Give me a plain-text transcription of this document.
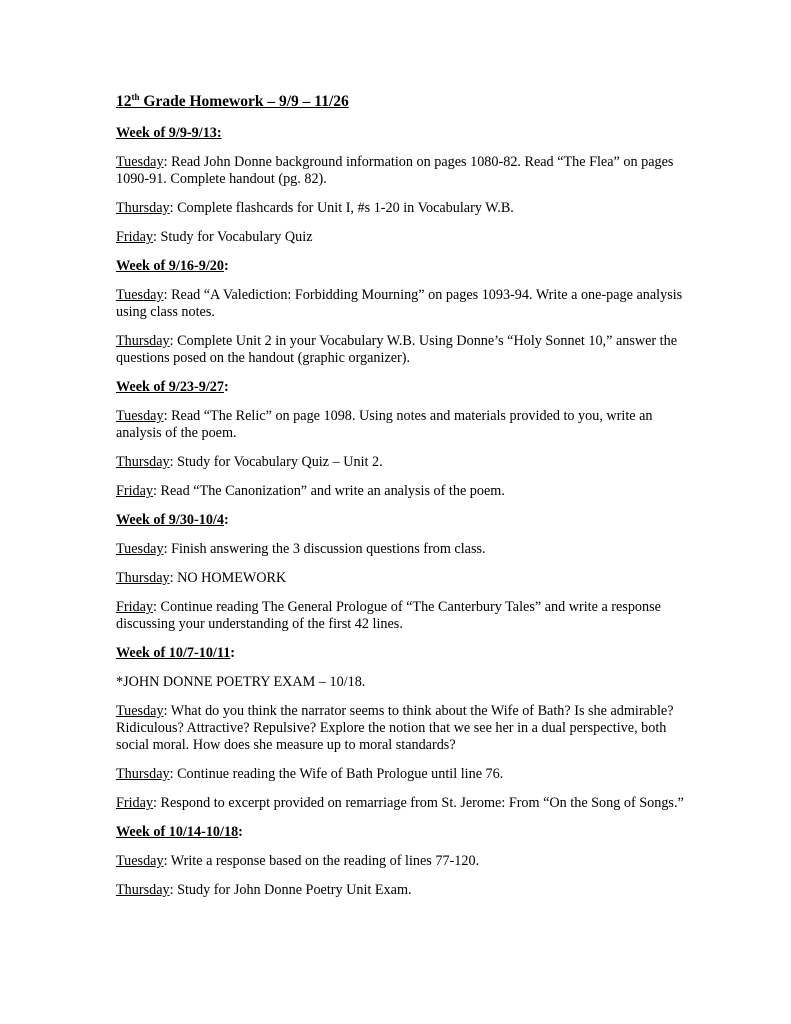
12th Grade Homework – 9/9 – 11/26
Week of 9/9-9/13:
Tuesday: Read John Donne background information on pages 1080-82. Read “The Flea” on pages 1090-91. Complete handout (pg. 82).
Thursday: Complete flashcards for Unit I, #s 1-20 in Vocabulary W.B.
Friday: Study for Vocabulary Quiz
Week of 9/16-9/20:
Tuesday: Read “A Valediction: Forbidding Mourning” on pages 1093-94. Write a one-page analysis using class notes.
Thursday: Complete Unit 2 in your Vocabulary W.B. Using Donne’s “Holy Sonnet 10,” answer the questions posed on the handout (graphic organizer).
Week of 9/23-9/27:
Tuesday: Read “The Relic” on page 1098. Using notes and materials provided to you, write an analysis of the poem.
Thursday: Study for Vocabulary Quiz – Unit 2.
Friday: Read “The Canonization” and write an analysis of the poem.
Week of 9/30-10/4:
Tuesday: Finish answering the 3 discussion questions from class.
Thursday: NO HOMEWORK
Friday: Continue reading The General Prologue of “The Canterbury Tales” and write a response discussing your understanding of the first 42 lines.
Week of 10/7-10/11:
*JOHN DONNE POETRY EXAM – 10/18.
Tuesday: What do you think the narrator seems to think about the Wife of Bath? Is she admirable? Ridiculous? Attractive? Repulsive? Explore the notion that we see her in a dual perspective, both social moral. How does she measure up to moral standards?
Thursday: Continue reading the Wife of Bath Prologue until line 76.
Friday: Respond to excerpt provided on remarriage from St. Jerome: From “On the Song of Songs.”
Week of 10/14-10/18:
Tuesday: Write a response based on the reading of lines 77-120.
Thursday: Study for John Donne Poetry Unit Exam.
